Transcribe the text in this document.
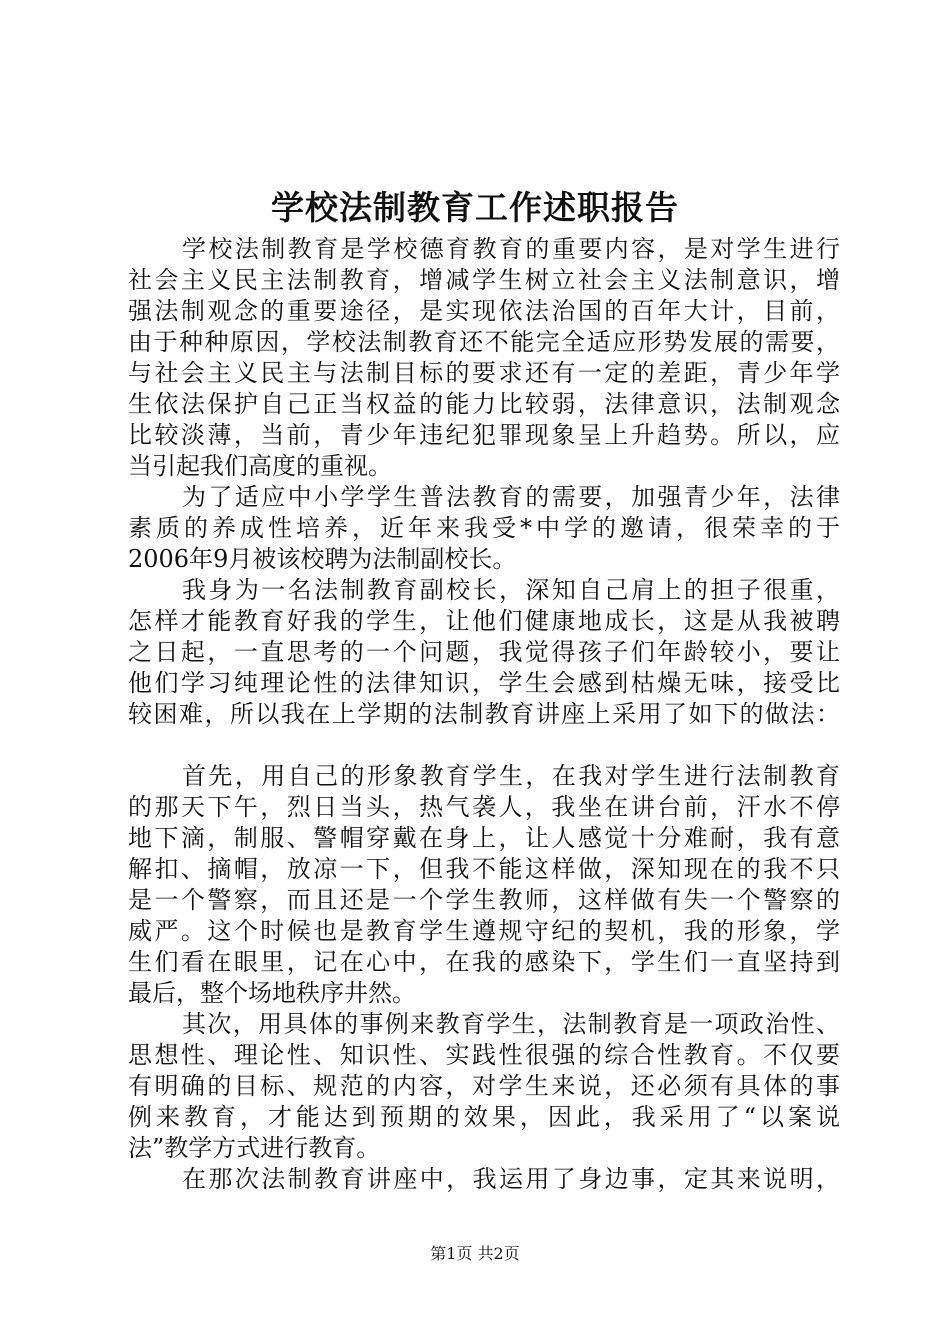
学校法制教育工作述职报告
学校法制教育是学校德育教育的重要内容，是对学生进行
社会主义民主法制教育，增减学生树立社会主义法制意识，增
强法制观念的重要途径，是实现依法治国的百年大计，目前，
由于种种原因，学校法制教育还不能完全适应形势发展的需要，
与社会主义民主与法制目标的要求还有一定的差距，青少年学
生依法保护自己正当权益的能力比较弱，法律意识，法制观念
比较淡薄，当前，青少年违纪犯罪现象呈上升趋势。所以，应
当引起我们高度的重视。
为了适应中小学学生普法教育的需要，加强青少年，法律
素质的养成性培养，近年来我受*中学的邀请，很荣幸的于
2006年9月被该校聘为法制副校长。
我身为一名法制教育副校长，深知自己肩上的担子很重，
怎样才能教育好我的学生，让他们健康地成长，这是从我被聘
之日起，一直思考的一个问题，我觉得孩子们年龄较小，要让
他们学习纯理论性的法律知识，学生会感到枯燥无味，接受比
较困难，所以我在上学期的法制教育讲座上采用了如下的做法：
首先，用自己的形象教育学生，在我对学生进行法制教育
的那天下午，烈日当头，热气袭人，我坐在讲台前，汗水不停
地下滴，制服、警帽穿戴在身上，让人感觉十分难耐，我有意
解扣、摘帽，放凉一下，但我不能这样做，深知现在的我不只
是一个警察，而且还是一个学生教师，这样做有失一个警察的
威严。这个时候也是教育学生遵规守纪的契机，我的形象，学
生们看在眼里，记在心中，在我的感染下，学生们一直坚持到
最后，整个场地秩序井然。
其次，用具体的事例来教育学生，法制教育是一项政治性、
思想性、理论性、知识性、实践性很强的综合性教育。不仅要
有明确的目标、规范的内容，对学生来说，还必须有具体的事
例来教育，才能达到预期的效果，因此，我采用了“以案说
法”教学方式进行教育。
在那次法制教育讲座中，我运用了身边事，定其来说明，
第1页 共2页
